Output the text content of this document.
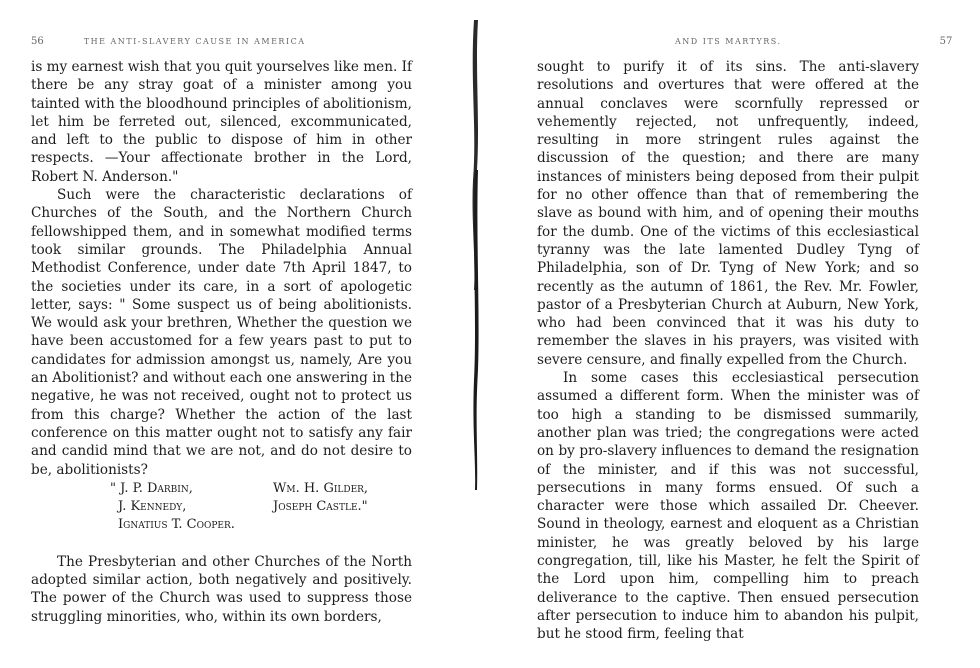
56	THE ANTI-SLAVERY CAUSE IN AMERICA

is my earnest wish that you quit yourselves like men. If there be any stray goat of a minister among you tainted with the bloodhound principles of abolitionism, let him be ferreted out, silenced, excommunicated, and left to the public to dispose of him in other respects. —Your affectionate brother in the Lord, Robert N. Anderson."

Such were the characteristic declarations of Churches of the South, and the Northern Church fellowshipped them, and in somewhat modified terms took similar grounds. The Philadelphia Annual Methodist Conference, under date 7th April 1847, to the societies under its care, in a sort of apologetic letter, says: " Some suspect us of being abolitionists. We would ask your brethren, Whether the question we have been accustomed for a few years past to put to candidates for admission amongst us, namely, Are you an Abolitionist? and without each one answering in the negative, he was not received, ought not to protect us from this charge? Whether the action of the last conference on this matter ought not to satisfy any fair and candid mind that we are not, and do not desire to be, abolitionists?

" J. P. Darbin,	Wm. H. Gilder,
J. Kennedy,	Joseph Castle."
Ignatius T. Cooper.

The Presbyterian and other Churches of the North adopted similar action, both negatively and positively. The power of the Church was used to suppress those struggling minorities, who, within its own borders,

AND ITS MARTYRS.	57

sought to purify it of its sins. The anti-slavery resolutions and overtures that were offered at the annual conclaves were scornfully repressed or vehemently rejected, not unfrequently, indeed, resulting in more stringent rules against the discussion of the question; and there are many instances of ministers being deposed from their pulpit for no other offence than that of remembering the slave as bound with him, and of opening their mouths for the dumb. One of the victims of this ecclesiastical tyranny was the late lamented Dudley Tyng of Philadelphia, son of Dr. Tyng of New York; and so recently as the autumn of 1861, the Rev. Mr. Fowler, pastor of a Presbyterian Church at Auburn, New York, who had been convinced that it was his duty to remember the slaves in his prayers, was visited with severe censure, and finally expelled from the Church.

In some cases this ecclesiastical persecution assumed a different form. When the minister was of too high a standing to be dismissed summarily, another plan was tried; the congregations were acted on by pro-slavery influences to demand the resignation of the minister, and if this was not successful, persecutions in many forms ensued. Of such a character were those which assailed Dr. Cheever. Sound in theology, earnest and eloquent as a Christian minister, he was greatly beloved by his large congregation, till, like his Master, he felt the Spirit of the Lord upon him, compelling him to preach deliverance to the captive. Then ensued persecution after persecution to induce him to abandon his pulpit, but he stood firm, feeling that
